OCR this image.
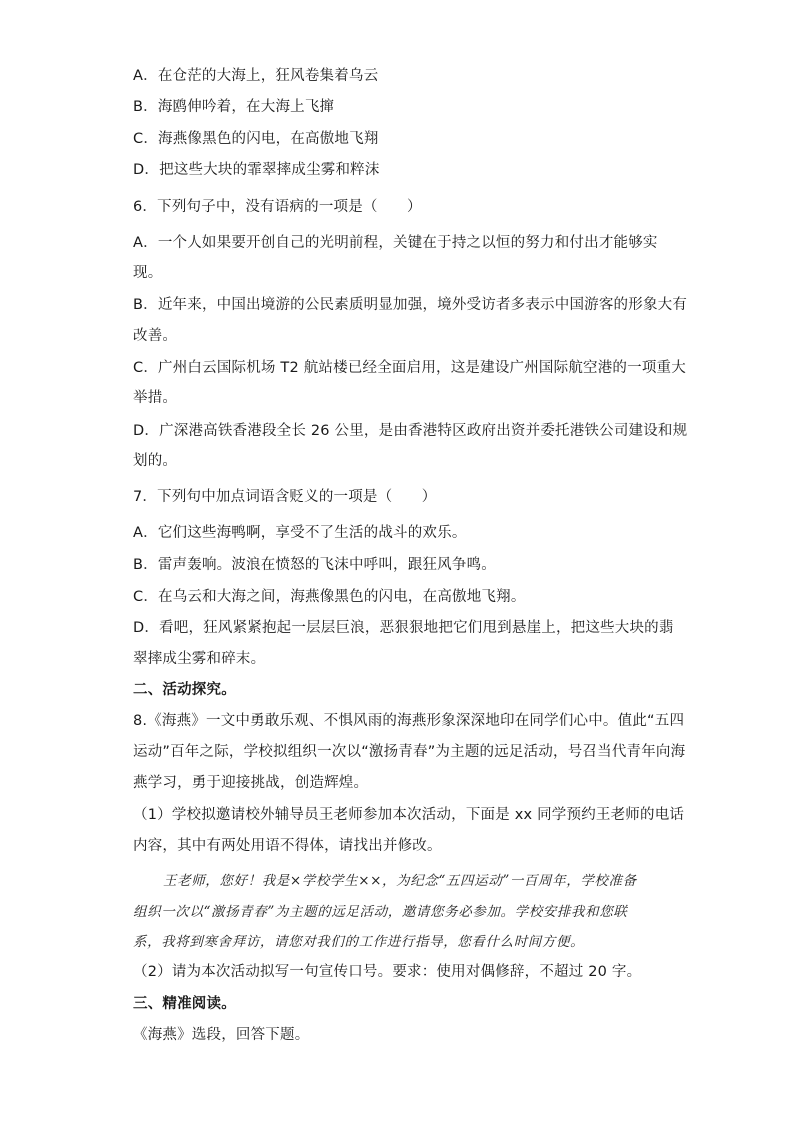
A．在仓茫的大海上，狂风卷集着乌云
B．海鸥伸吟着，在大海上飞撺
C．海燕像黑色的闪电，在高傲地飞翔
D．把这些大块的霏翠摔成尘雾和粹沫
6．下列句子中，没有语病的一项是（　　）
A．一个人如果要开创自己的光明前程，关键在于持之以恒的努力和付出才能够实
现。
B．近年来，中国出境游的公民素质明显加强，境外受访者多表示中国游客的形象大有
改善。
C．广州白云国际机场 T2 航站楼已经全面启用，这是建设广州国际航空港的一项重大
举措。
D．广深港高铁香港段全长 26 公里，是由香港特区政府出资并委托港铁公司建设和规
划的。
7．下列句中加点词语含贬义的一项是（　　）
A．它们这些海鸭啊，享受不了生活的战斗的欢乐。
B．雷声轰响。波浪在愤怒的飞沫中呼叫，跟狂风争鸣。
C．在乌云和大海之间，海燕像黑色的闪电，在高傲地飞翔。
D．看吧，狂风紧紧抱起一层层巨浪，恶狠狠地把它们甩到悬崖上，把这些大块的翡
翠摔成尘雾和碎末。
二、活动探究。
8.《海燕》一文中勇敢乐观、不惧风雨的海燕形象深深地印在同学们心中。值此“五四
运动”百年之际，学校拟组织一次以“激扬青春”为主题的远足活动，号召当代青年向海
燕学习，勇于迎接挑战，创造辉煌。
（1）学校拟邀请校外辅导员王老师参加本次活动，下面是 xx 同学预约王老师的电话
内容，其中有两处用语不得体，请找出并修改。
王老师，您好！我是×学校学生××，为纪念“五四运动”一百周年，学校准备
组织一次以“激扬青春”为主题的远足活动，邀请您务必参加。学校安排我和您联
系，我将到寒舍拜访，请您对我们的工作进行指导，您看什么时间方便。
（2）请为本次活动拟写一句宣传口号。要求：使用对偶修辞，不超过 20 字。
三、精准阅读。
《海燕》选段，回答下题。
